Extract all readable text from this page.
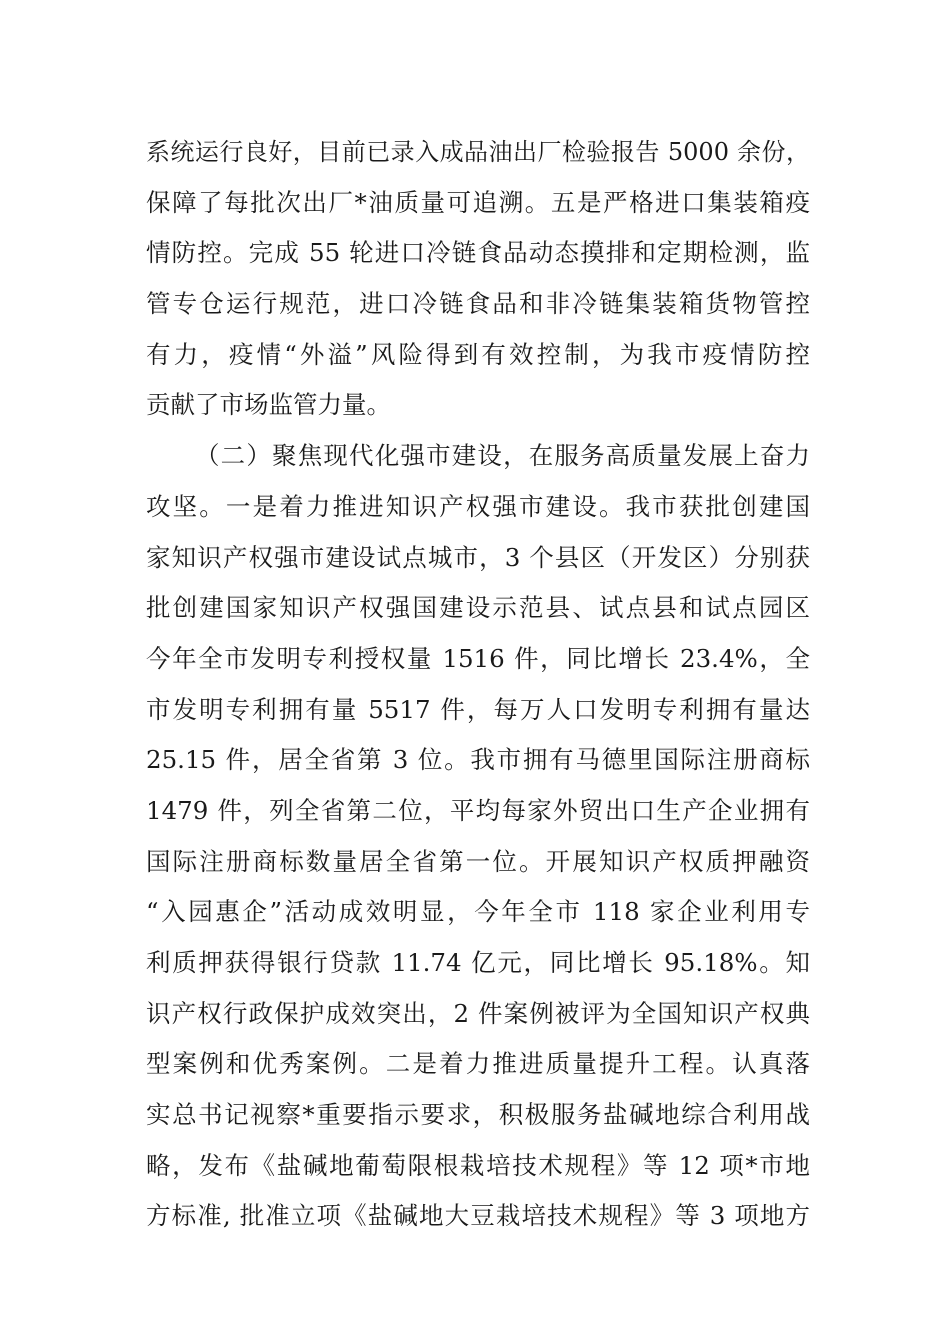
系统运行良好，目前已录入成品油出厂检验报告 5000 余份，
保障了每批次出厂*油质量可追溯。五是严格进口集装箱疫
情防控。完成 55 轮进口冷链食品动态摸排和定期检测，监
管专仓运行规范，进口冷链食品和非冷链集装箱货物管控
有力，疫情“外溢”风险得到有效控制，为我市疫情防控
贡献了市场监管力量。
（二）聚焦现代化强市建设，在服务高质量发展上奋力
攻坚。一是着力推进知识产权强市建设。我市获批创建国
家知识产权强市建设试点城市，3 个县区（开发区）分别获
批创建国家知识产权强国建设示范县、试点县和试点园区
今年全市发明专利授权量 1516 件，同比增长 23.4%，全
市发明专利拥有量 5517 件，每万人口发明专利拥有量达
25.15 件，居全省第 3 位。我市拥有马德里国际注册商标
1479 件，列全省第二位，平均每家外贸出口生产企业拥有
国际注册商标数量居全省第一位。开展知识产权质押融资
“入园惠企”活动成效明显，今年全市 118 家企业利用专
利质押获得银行贷款 11.74 亿元，同比增长 95.18%。知
识产权行政保护成效突出，2 件案例被评为全国知识产权典
型案例和优秀案例。二是着力推进质量提升工程。认真落
实总书记视察*重要指示要求，积极服务盐碱地综合利用战
略，发布《盐碱地葡萄限根栽培技术规程》等 12 项*市地
方标准, 批准立项《盐碱地大豆栽培技术规程》等 3 项地方
